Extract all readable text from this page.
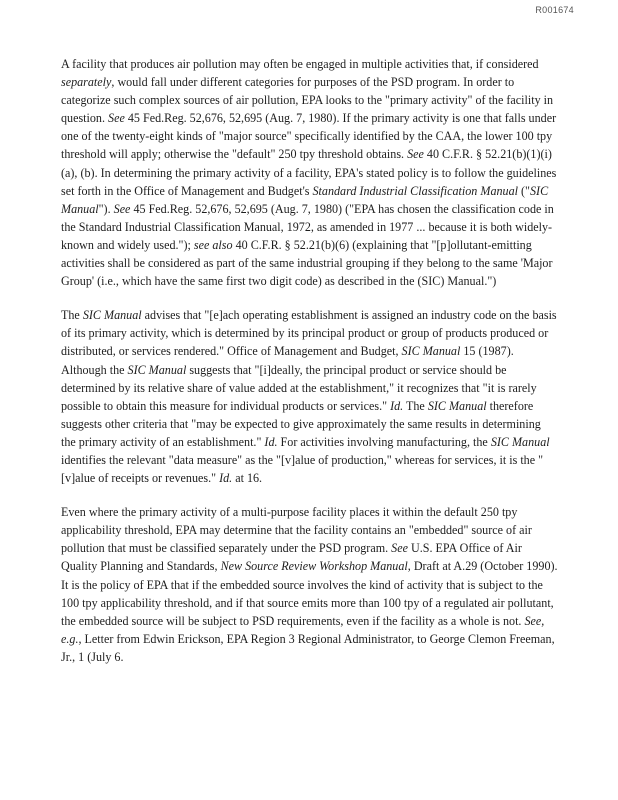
R001674

A facility that produces air pollution may often be engaged in multiple activities that, if considered separately, would fall under different categories for purposes of the PSD program. In order to categorize such complex sources of air pollution, EPA looks to the "primary activity" of the facility in question. See 45 Fed.Reg. 52,676, 52,695 (Aug. 7, 1980). If the primary activity is one that falls under one of the twenty-eight kinds of "major source" specifically identified by the CAA, the lower 100 tpy threshold will apply; otherwise the "default" 250 tpy threshold obtains. See 40 C.F.R. § 52.21(b)(1)(i)(a), (b). In determining the primary activity of a facility, EPA's stated policy is to follow the guidelines set forth in the Office of Management and Budget's Standard Industrial Classification Manual ("SIC Manual"). See 45 Fed.Reg. 52,676, 52,695 (Aug. 7, 1980) ("EPA has chosen the classification code in the Standard Industrial Classification Manual, 1972, as amended in 1977 ... because it is both widely-known and widely used."); see also 40 C.F.R. § 52.21(b)(6) (explaining that "[p]ollutant-emitting activities shall be considered as part of the same industrial grouping if they belong to the same 'Major Group' (i.e., which have the same first two digit code) as described in the (SIC) Manual.")

The SIC Manual advises that "[e]ach operating establishment is assigned an industry code on the basis of its primary activity, which is determined by its principal product or group of products produced or distributed, or services rendered." Office of Management and Budget, SIC Manual 15 (1987). Although the SIC Manual suggests that "[i]deally, the principal product or service should be determined by its relative share of value added at the establishment," it recognizes that "it is rarely possible to obtain this measure for individual products or services." Id. The SIC Manual therefore suggests other criteria that "may be expected to give approximately the same results in determining the primary activity of an establishment." Id. For activities involving manufacturing, the SIC Manual identifies the relevant "data measure" as the "[v]alue of production," whereas for services, it is the "[v]alue of receipts or revenues." Id. at 16.

Even where the primary activity of a multi-purpose facility places it within the default 250 tpy applicability threshold, EPA may determine that the facility contains an "embedded" source of air pollution that must be classified separately under the PSD program. See U.S. EPA Office of Air Quality Planning and Standards, New Source Review Workshop Manual, Draft at A.29 (October 1990). It is the policy of EPA that if the embedded source involves the kind of activity that is subject to the 100 tpy applicability threshold, and if that source emits more than 100 tpy of a regulated air pollutant, the embedded source will be subject to PSD requirements, even if the facility as a whole is not. See, e.g., Letter from Edwin Erickson, EPA Region 3 Regional Administrator, to George Clemon Freeman, Jr., 1 (July 6.
